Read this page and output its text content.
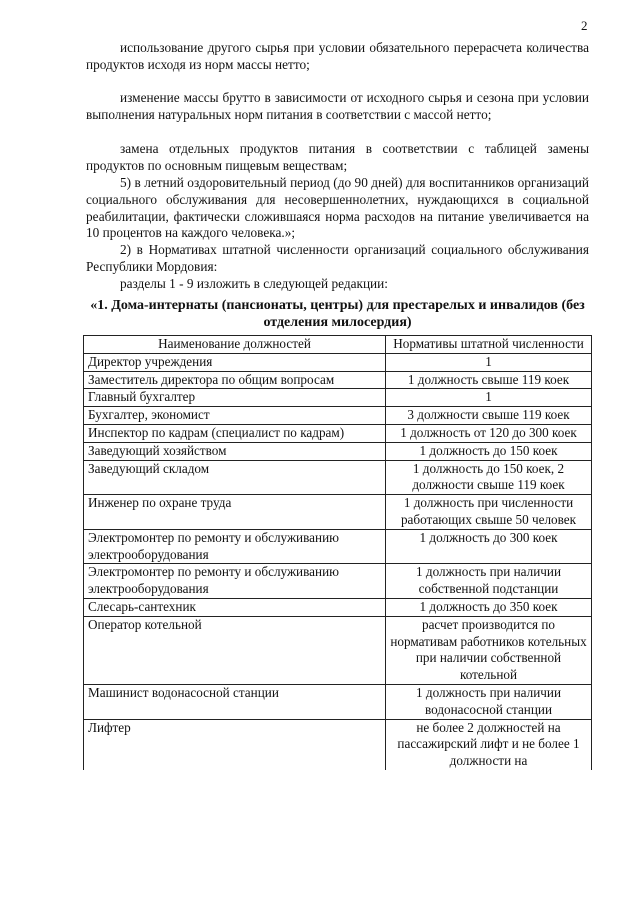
2

использование другого сырья при условии обязательного перерасчета количества продуктов исходя из норм массы нетто;

изменение массы брутто в зависимости от исходного сырья и сезона при условии выполнения натуральных норм питания в соответствии с массой нетто;

замена отдельных продуктов питания в соответствии с таблицей замены продуктов по основным пищевым веществам;

5) в летний оздоровительный период (до 90 дней) для воспитанников организаций социального обслуживания для несовершеннолетних, нуждающихся в социальной реабилитации, фактически сложившаяся норма расходов на питание увеличивается на 10 процентов на каждого человека.»;

2) в Нормативах штатной численности организаций социального обслуживания Республики Мордовия:

разделы 1 - 9 изложить в следующей редакции:

«1. Дома-интернаты (пансионаты, центры) для престарелых и инвалидов (без отделения милосердия)

Наименование должностей	Нормативы штатной численности
Директор учреждения	1
Заместитель директора по общим вопросам	1 должность свыше 119 коек
Главный бухгалтер	1
Бухгалтер, экономист	3 должности свыше 119 коек
Инспектор по кадрам (специалист по кадрам)	1 должность от 120 до 300 коек
Заведующий хозяйством	1 должность до 150 коек
Заведующий складом	1 должность до 150 коек, 2 должности свыше 119 коек
Инженер по охране труда	1 должность при численности работающих свыше 50 человек
Электромонтер по ремонту и обслуживанию электрооборудования	1 должность до 300 коек
Электромонтер по ремонту и обслуживанию электрооборудования	1 должность при наличии собственной подстанции
Слесарь-сантехник	1 должность до 350 коек
Оператор котельной	расчет производится по нормативам работников котельных при наличии собственной котельной
Машинист водонасосной станции	1 должность при наличии водонасосной станции
Лифтер	не более 2 должностей на пассажирский лифт и не более 1 должности на
